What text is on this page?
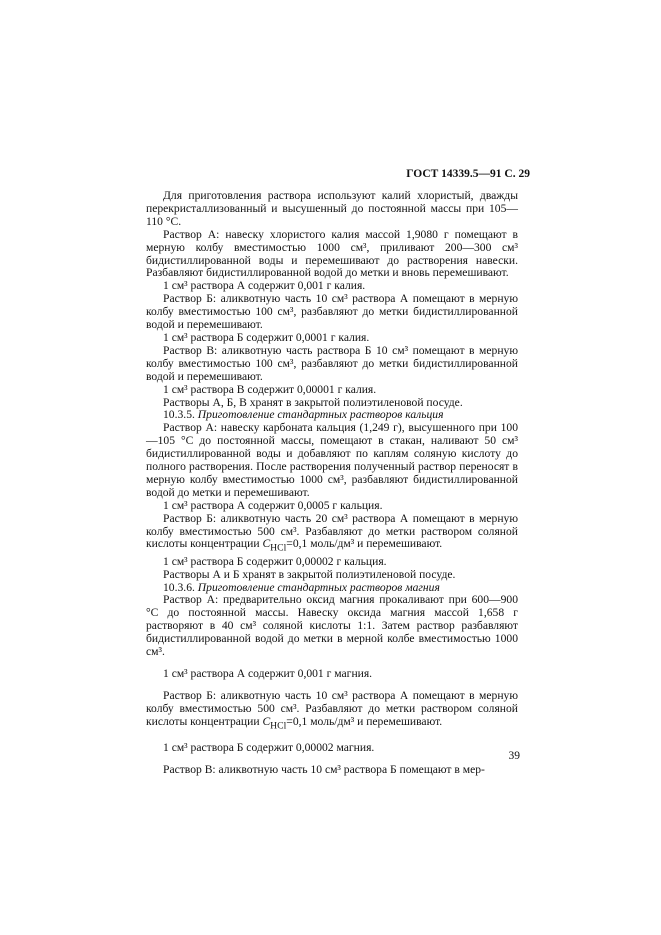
ГОСТ 14339.5—91 С. 29

Для приготовления раствора используют калий хлористый, дважды перекристаллизованный и высушенный до постоянной массы при 105—110 °С.

Раствор А: навеску хлористого калия массой 1,9080 г помещают в мерную колбу вместимостью 1000 см³, приливают 200—300 см³ бидистиллированной воды и перемешивают до растворения навески. Разбавляют бидистиллированной водой до метки и вновь перемешивают.

1 см³ раствора А содержит 0,001 г калия.

Раствор Б: аликвотную часть 10 см³ раствора А помещают в мерную колбу вместимостью 100 см³, разбавляют до метки бидистиллированной водой и перемешивают.

1 см³ раствора Б содержит 0,0001 г калия.

Раствор В: аликвотную часть раствора Б 10 см³ помещают в мерную колбу вместимостью 100 см³, разбавляют до метки бидистиллированной водой и перемешивают.

1 см³ раствора В содержит 0,00001 г калия.

Растворы А, Б, В хранят в закрытой полиэтиленовой посуде.

10.3.5. Приготовление стандартных растворов кальция

Раствор А: навеску карбоната кальция (1,249 г), высушенного при 100—105 °С до постоянной массы, помещают в стакан, наливают 50 см³ бидистиллированной воды и добавляют по каплям соляную кислоту до полного растворения. После растворения полученный раствор переносят в мерную колбу вместимостью 1000 см³, разбавляют бидистиллированной водой до метки и перемешивают.

1 см³ раствора А содержит 0,0005 г кальция.

Раствор Б: аликвотную часть 20 см³ раствора А помещают в мерную колбу вместимостью 500 см³. Разбавляют до метки раствором соляной кислоты концентрации $C_{HCl}=0,1$ моль/дм³ и перемешивают.

1 см³ раствора Б содержит 0,00002 г кальция.

Растворы А и Б хранят в закрытой полиэтиленовой посуде.

10.3.6. Приготовление стандартных растворов магния

Раствор А: предварительно оксид магния прокаливают при 600—900 °С до постоянной массы. Навеску оксида магния массой 1,658 г растворяют в 40 см³ соляной кислоты 1:1. Затем раствор разбавляют бидистиллированной водой до метки в мерной колбе вместимостью 1000 см³.

1 см³ раствора А содержит 0,001 г магния.

Раствор Б: аликвотную часть 10 см³ раствора А помещают в мерную колбу вместимостью 500 см³. Разбавляют до метки раствором соляной кислоты концентрации $C_{HCl}=0,1$ моль/дм³ и перемешивают.

1 см³ раствора Б содержит 0,00002 магния.

Раствор В: аликвотную часть 10 см³ раствора Б помещают в мер-

39
